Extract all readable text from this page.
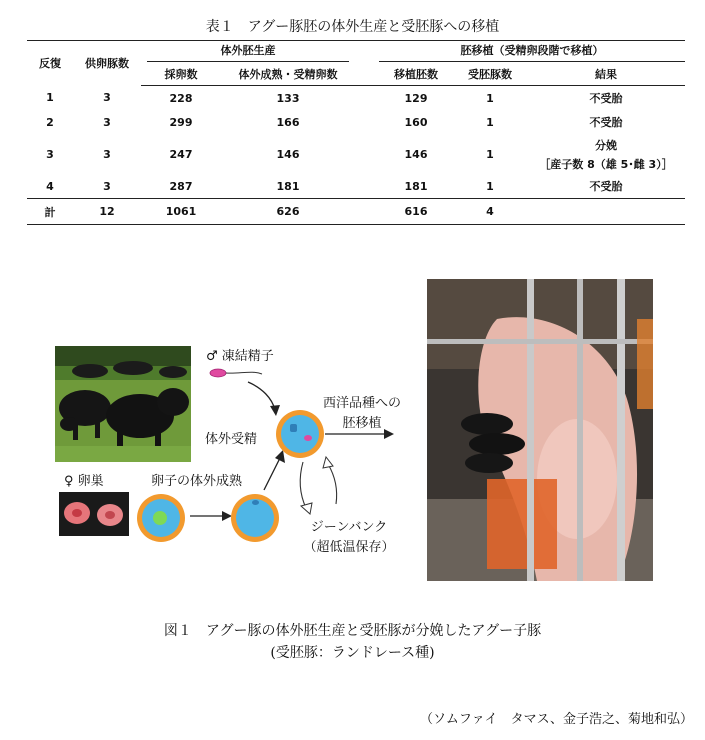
表１　アグー豚胚の体外生産と受胚豚への移植
反復	供卵豚数	体外胚生産			胚移植（受精卵段階で移植）		

		採卵数	体外成熟・受精卵数		移植胚数	受胚豚数	結果
1	3	228	133		129	1	不受胎
2	3	299	166		160	1	不受胎
3	3	247	146		146	1	分娩
［産子数 8（雄 5･雌 3）］

4	3	287	181		181	1	不受胎
計	12	1061	626		616	4	
♂ 凍結精子
♀ 卵巣	卵子の体外成熟
体外受精
西洋品種への
胚移植
ジーンバンク
（超低温保存）
図１　アグー豚の体外胚生産と受胚豚が分娩したアグー子豚
(受胚豚：ランドレース種)
（ソムファイ　タマス、金子浩之、菊地和弘）
